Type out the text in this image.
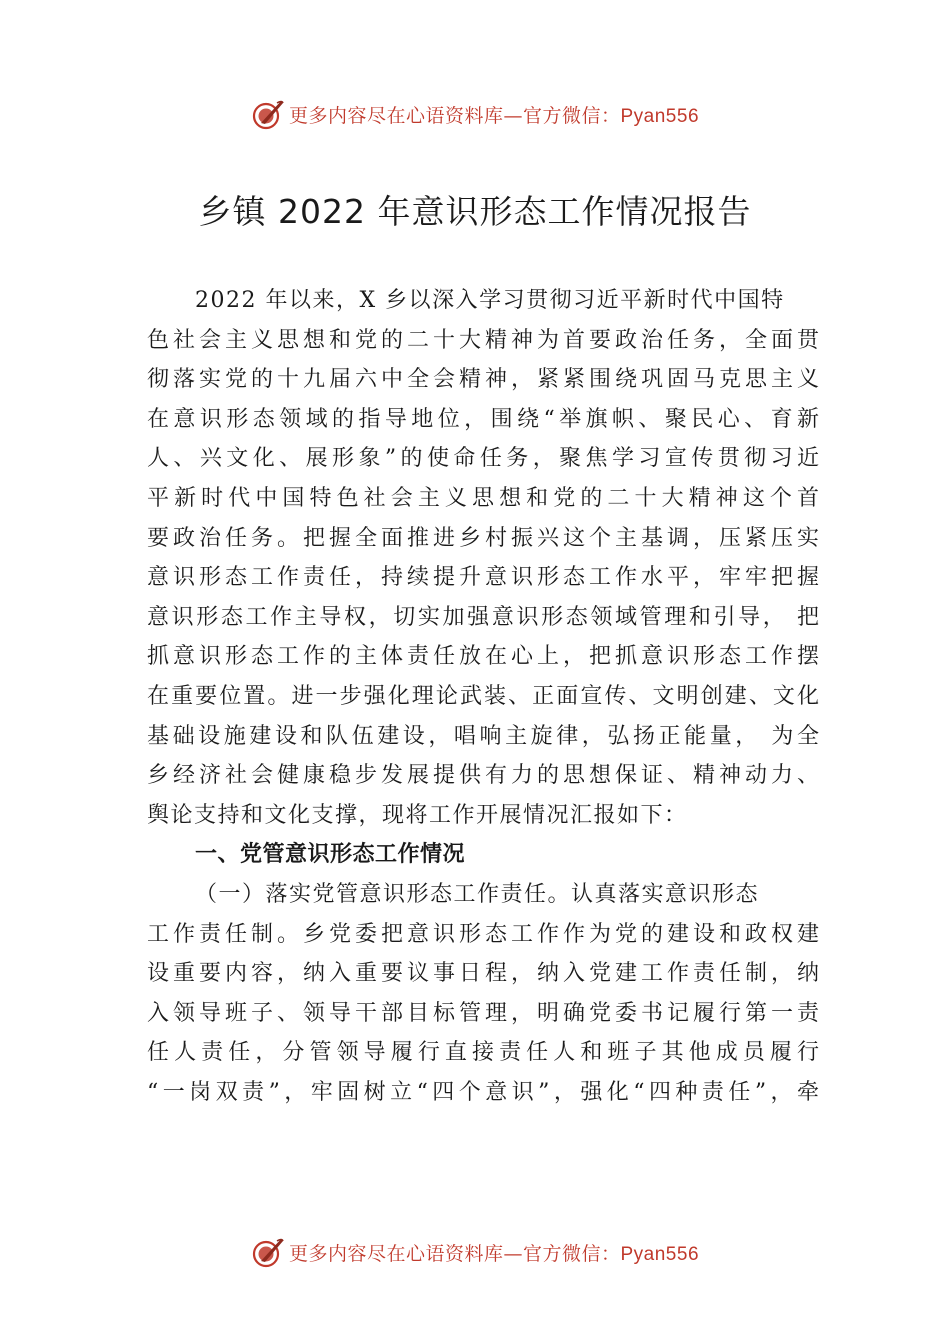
更多内容尽在心语资料库—官方微信：Pyan556
乡镇 2022 年意识形态工作情况报告
2022 年以来，X 乡以深入学习贯彻习近平新时代中国特
色社会主义思想和党的二十大精神为首要政治任务，全面贯
彻落实党的十九届六中全会精神，紧紧围绕巩固马克思主义
在意识形态领域的指导地位，围绕“举旗帜、聚民心、育新
人、兴文化、展形象”的使命任务，聚焦学习宣传贯彻习近
平新时代中国特色社会主义思想和党的二十大精神这个首
要政治任务。把握全面推进乡村振兴这个主基调，压紧压实
意识形态工作责任，持续提升意识形态工作水平，牢牢把握
意识形态工作主导权，切实加强意识形态领域管理和引导， 把
抓意识形态工作的主体责任放在心上，把抓意识形态工作摆
在重要位置。进一步强化理论武装、正面宣传、文明创建、文化
基础设施建设和队伍建设，唱响主旋律，弘扬正能量， 为全
乡经济社会健康稳步发展提供有力的思想保证、精神动力、
舆论支持和文化支撑，现将工作开展情况汇报如下：
一、党管意识形态工作情况
（一）落实党管意识形态工作责任。认真落实意识形态
工作责任制。乡党委把意识形态工作作为党的建设和政权建
设重要内容，纳入重要议事日程，纳入党建工作责任制，纳
入领导班子、领导干部目标管理，明确党委书记履行第一责
任人责任，分管领导履行直接责任人和班子其他成员履行
“一岗双责”，牢固树立“四个意识”，强化“四种责任”，牵
更多内容尽在心语资料库—官方微信：Pyan556
